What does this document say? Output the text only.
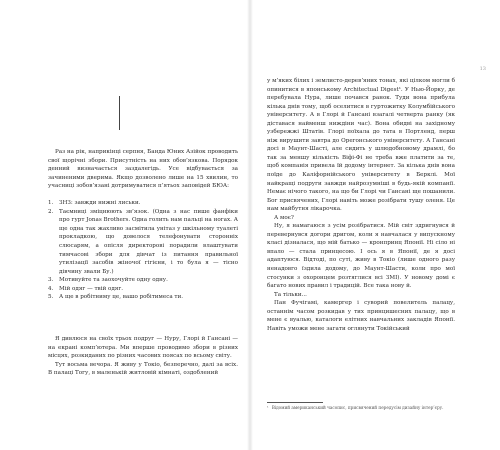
Раз на рік, наприкінці серпня, Банда Юних Азійок проводить свої щорічні збори. Присутність на них обов’язкова. Порядок денний визначається заздалегідь. Усе відбувається за зачиненими дверима. Якщо дозволено лише на 15 хвилин, то учасниці зобов’язані дотримуватися п’ятьох заповідей БЮА:

1.	ЗНЗ: завжди нижні лиськи.
2.	Таємниці зміцнюють зв’язок. (Одна з нас пише фанфіки про гурт Jonas Brothers. Одна голить нам пальці на ногах. А ще одна так жахливо засмітила унітаз у шкільному туалеті прокладкою, що довелося телефонувати сторонніх слюсарям, а опісля директорові порадили влаштувати тимчасові збори для дівчат із питання правильної утилізації засобів жіночої гігієни, і то була я — тісно дівчину звали Бу.)
3.	Мотивуйте та заохочуйте одну одну.
4.	Мій одяг — твій одяг.
5.	А ще в робітниму це, вашо робітимеса ти.

Я дивлюся на своїх трьох подруг — Нуру, Глорі й Гансані — на екрані комп’ютера. Ми вперше проводимо збори в різних місцях, розкиданих по різних часових поясах по всьому світу.

Тут восьма вечора. Я живу у Токіо, безперечно, далі за всіх. В палаці Тогу, в маленькій житловій кімнаті, оздоблений

13

у м’яких білих і землисто-деревʼяних тонах, які цілком могли б опинитися в японському Architectual Digest¹. У Нью-Йорку, де перебувала Нура, лише почався ранок. Туди вона прибула кілька днів тому, щоб оселитися в гуртожитку Колумбійського університету. А в Глорі й Гансані взагалі четверта ранку (як діставася найменш ниждіни час). Вона обидві на західному узбережжі Штатів. Глорі поїхала до тата в Портленд, перш ніж вирушити завтра до Орегонського університету. А Гансані досі в Маунт-Шасті, але сидить у шлюдобновому драмлі, бо так за меншу кількість Віфі-Фі не треба вже платити за те, щоб компанія привела їй додому інтернет. За кілька днів вона поїде до Каліфорнійського університету в Берклі. Мої найкращі подруги завжди найрозумніші в будь-якій компанії. Немає нічого такого, на що би Глорі чи Гансані ще пошанили. Бог присвячених, Глорі навіть може розібрати тушу оленя. Це нам майбутня лікарочка.

А моє?

Ну, я намагаюся з усім розібратися. Мій світ здригнувся й перевернувся догори дригом, коли я навчалася у випускному класі дізналася, що мій батько — кронпринц Японії. Ні сіло ні впало — стала принцесою. І ось я в Японії, де я досі адаптуюся. Відтоді, по суті, живу в Токіо (лише одного разу ненадовго їздила додому, до Маунт-Шасти, коли про мої стосунки з охоронцем розтяглися всі ЗМІ). У новому домі є багато нових правил і традицій. Все така нову й.

Та тільки...

Пан Фучігамі, камергер і суворий повелитель палацу, останнім часом розкидав у тих принцишесних палацу, що в мене є вуалью, каталоги елітних навчальних закладів Японії. Навіть уможи мене загати оглянути Токійський

¹ Відомий американський часопис, присвячений передусім дизайну інтер’єру.
